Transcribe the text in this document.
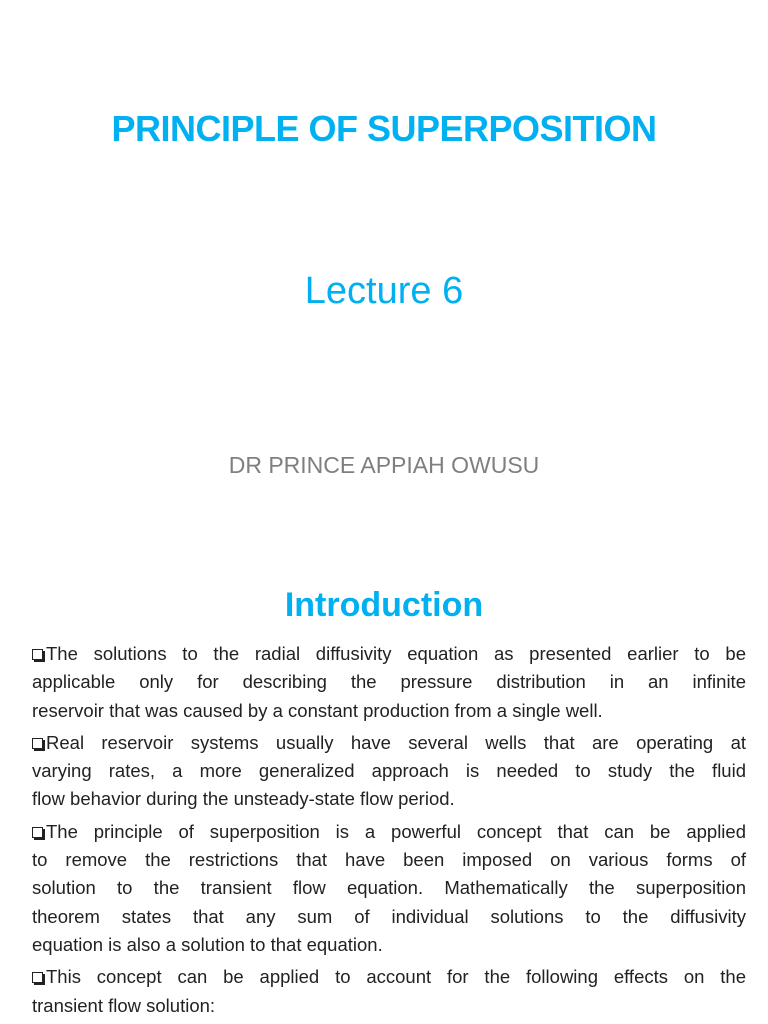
PRINCIPLE OF SUPERPOSITION
Lecture 6
DR PRINCE APPIAH OWUSU
Introduction
The solutions to the radial diffusivity equation as presented earlier to be
applicable only for describing the pressure distribution in an infinite
reservoir that was caused by a constant production from a single well.
Real reservoir systems usually have several wells that are operating at
varying rates, a more generalized approach is needed to study the fluid
flow behavior during the unsteady-state flow period.
The principle of superposition is a powerful concept that can be applied
to remove the restrictions that have been imposed on various forms of
solution to the transient flow equation. Mathematically the superposition
theorem states that any sum of individual solutions to the diffusivity
equation is also a solution to that equation.
This concept can be applied to account for the following effects on the
transient flow solution:
